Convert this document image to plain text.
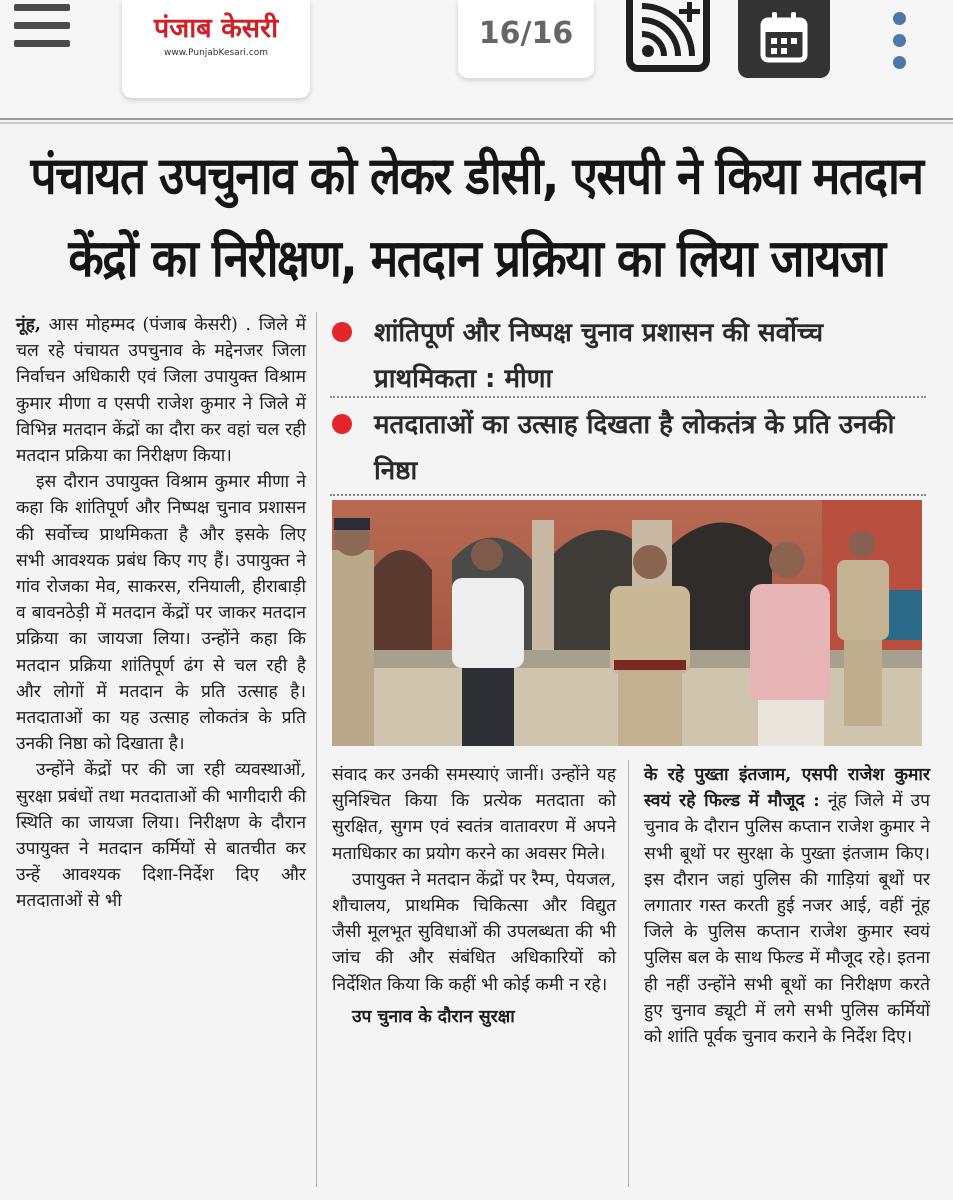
पंजाब केसरी
www.PunjabKesari.com
16/16
पंचायत उपचुनाव को लेकर डीसी, एसपी ने किया मतदान
केंद्रों का निरीक्षण, मतदान प्रक्रिया का लिया जायजा

नूंह, आस मोहम्मद (पंजाब केसरी) . जिले में चल रहे पंचायत उपचुनाव के मद्देनजर जिला निर्वाचन अधिकारी एवं जिला उपायुक्त विश्राम कुमार मीणा व एसपी राजेश कुमार ने जिले में विभिन्न मतदान केंद्रों का दौरा कर वहां चल रही मतदान प्रक्रिया का निरीक्षण किया।

इस दौरान उपायुक्त विश्राम कुमार मीणा ने कहा कि शांतिपूर्ण और निष्पक्ष चुनाव प्रशासन की सर्वोच्च प्राथमिकता है और इसके लिए सभी आवश्यक प्रबंध किए गए हैं। उपायुक्त ने गांव रोजका मेव, साकरस, रनियाली, हीराबाड़ी व बावनठेड़ी में मतदान केंद्रों पर जाकर मतदान प्रक्रिया का जायजा लिया। उन्होंने कहा कि मतदान प्रक्रिया शांतिपूर्ण ढंग से चल रही है और लोगों में मतदान के प्रति उत्साह है। मतदाताओं का यह उत्साह लोकतंत्र के प्रति उनकी निष्ठा को दिखाता है।

उन्होंने केंद्रों पर की जा रही व्यवस्थाओं, सुरक्षा प्रबंधों तथा मतदाताओं की भागीदारी की स्थिति का जायजा लिया। निरीक्षण के दौरान उपायुक्त ने मतदान कर्मियों से बातचीत कर उन्हें आवश्यक दिशा-निर्देश दिए और मतदाताओं से भी

शांतिपूर्ण और निष्पक्ष चुनाव प्रशासन की सर्वोच्च प्राथमिकता : मीणा
मतदाताओं का उत्साह दिखता है लोकतंत्र के प्रति उनकी निष्ठा

संवाद कर उनकी समस्याएं जानीं। उन्होंने यह सुनिश्चित किया कि प्रत्येक मतदाता को सुरक्षित, सुगम एवं स्वतंत्र वातावरण में अपने मताधिकार का प्रयोग करने का अवसर मिले।

उपायुक्त ने मतदान केंद्रों पर रैम्प, पेयजल, शौचालय, प्राथमिक चिकित्सा और विद्युत जैसी मूलभूत सुविधाओं की उपलब्धता की भी जांच की और संबंधित अधिकारियों को निर्देशित किया कि कहीं भी कोई कमी न रहे।

उप चुनाव के दौरान सुरक्षा

के रहे पुख्ता इंतजाम, एसपी राजेश कुमार स्वयं रहे फिल्ड में मौजूद : नूंह जिले में उप चुनाव के दौरान पुलिस कप्तान राजेश कुमार ने सभी बूथों पर सुरक्षा के पुख्ता इंतजाम किए। इस दौरान जहां पुलिस की गाड़ियां बूथों पर लगातार गस्त करती हुई नजर आई, वहीं नूंह जिले के पुलिस कप्तान राजेश कुमार स्वयं पुलिस बल के साथ फिल्ड में मौजूद रहे। इतना ही नहीं उन्होंने सभी बूथों का निरीक्षण करते हुए चुनाव ड्यूटी में लगे सभी पुलिस कर्मियों को शांति पूर्वक चुनाव कराने के निर्देश दिए।
